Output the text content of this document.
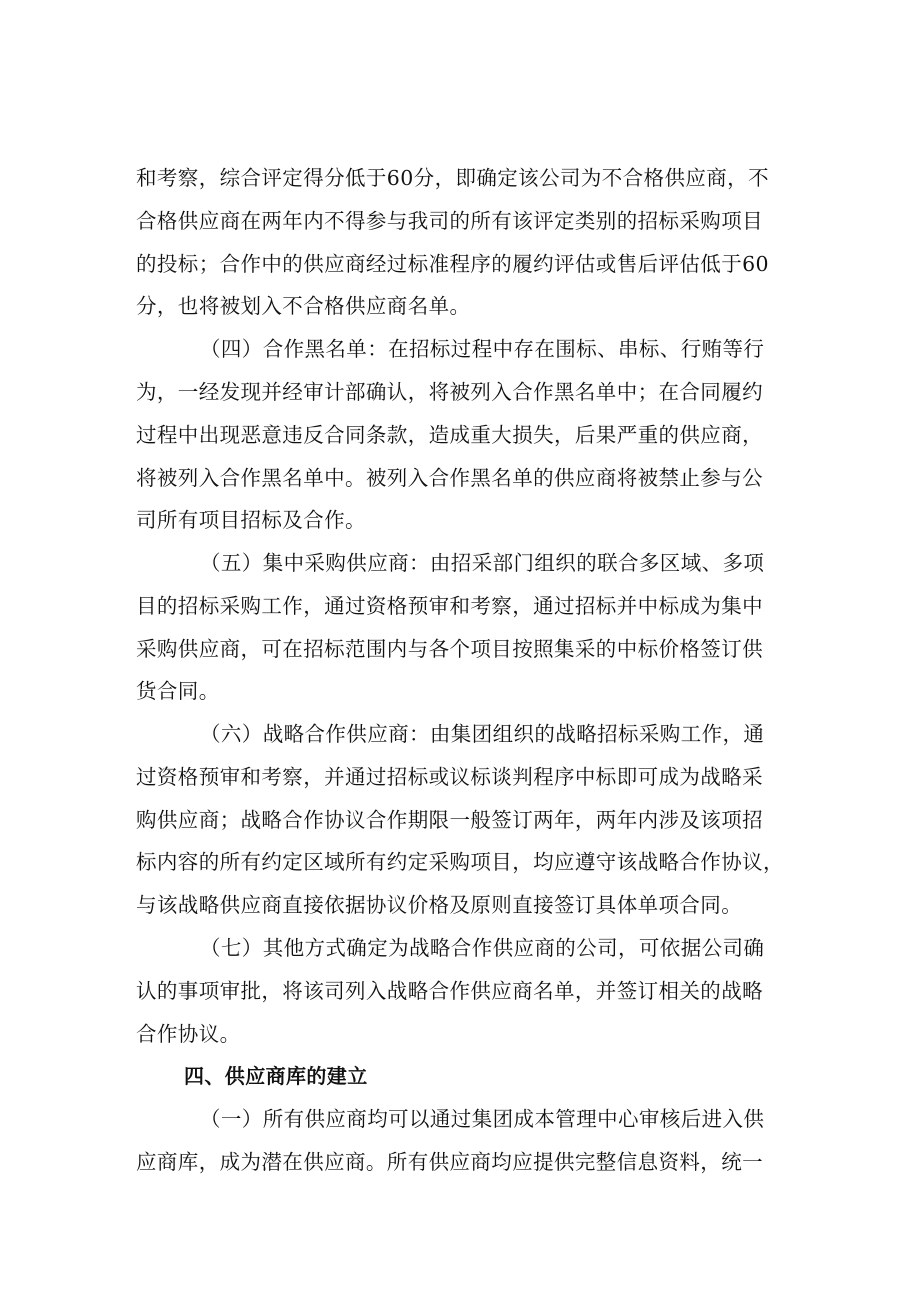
和考察，综合评定得分低于60分，即确定该公司为不合格供应商，不
合格供应商在两年内不得参与我司的所有该评定类别的招标采购项目
的投标；合作中的供应商经过标准程序的履约评估或售后评估低于60
分，也将被划入不合格供应商名单。
（四）合作黑名单：在招标过程中存在围标、串标、行贿等行
为，一经发现并经审计部确认，将被列入合作黑名单中；在合同履约
过程中出现恶意违反合同条款，造成重大损失，后果严重的供应商，
将被列入合作黑名单中。被列入合作黑名单的供应商将被禁止参与公
司所有项目招标及合作。
（五）集中采购供应商：由招采部门组织的联合多区域、多项
目的招标采购工作，通过资格预审和考察，通过招标并中标成为集中
采购供应商，可在招标范围内与各个项目按照集采的中标价格签订供
货合同。
（六）战略合作供应商：由集团组织的战略招标采购工作，通
过资格预审和考察，并通过招标或议标谈判程序中标即可成为战略采
购供应商；战略合作协议合作期限一般签订两年，两年内涉及该项招
标内容的所有约定区域所有约定采购项目，均应遵守该战略合作协议，
与该战略供应商直接依据协议价格及原则直接签订具体单项合同。
（七）其他方式确定为战略合作供应商的公司，可依据公司确
认的事项审批，将该司列入战略合作供应商名单，并签订相关的战略
合作协议。
四、供应商库的建立
（一）所有供应商均可以通过集团成本管理中心审核后进入供
应商库，成为潜在供应商。所有供应商均应提供完整信息资料，统一
